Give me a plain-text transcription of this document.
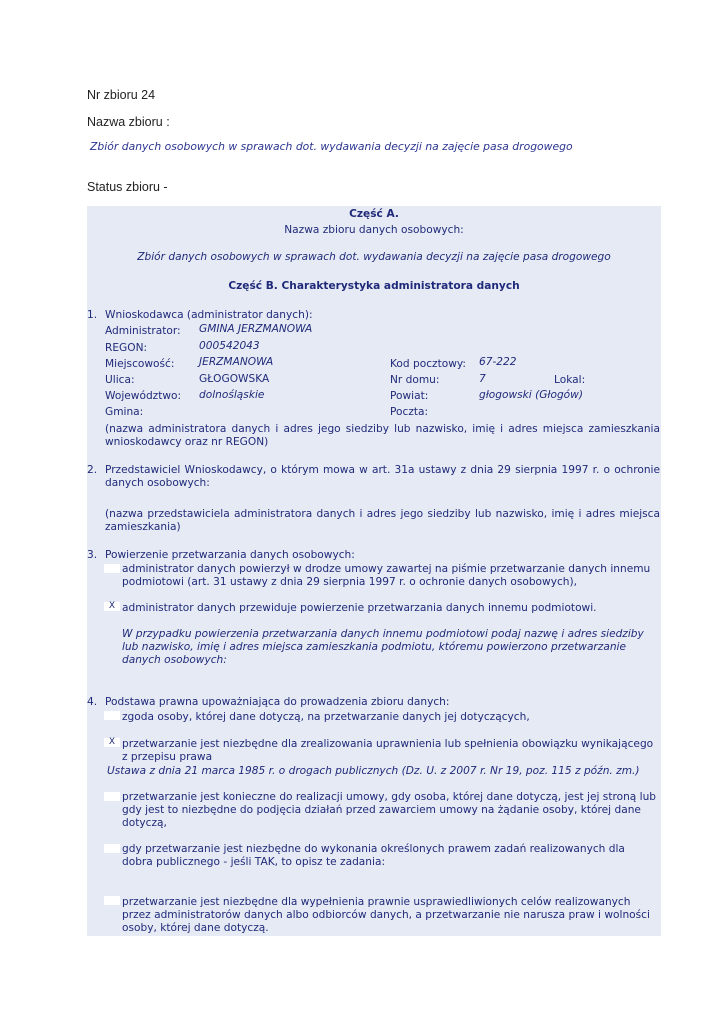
Nr zbioru 24
Nazwa zbioru :
Zbiór danych osobowych w sprawach dot. wydawania decyzji na zajęcie pasa drogowego
Status zbioru -
Część A.
Nazwa zbioru danych osobowych:
Zbiór danych osobowych w sprawach dot. wydawania decyzji na zajęcie pasa drogowego
Część B. Charakterystyka administratora danych
1. Wnioskodawca (administrator danych):
Administrator: GMINA JERZMANOWA
REGON:	000542043
Miejscowość: JERZMANOWA	Kod pocztowy: 67-222
Ulica:	GŁOGOWSKA	Nr domu:	7	Lokal:
Województwo: dolnośląskie	Powiat:	głogowski (Głogów)
Gmina:	Poczta:
(nazwa administratora danych i adres jego siedziby lub nazwisko, imię i adres miejsca zamieszkania wnioskodawcy oraz nr REGON)
2. Przedstawiciel Wnioskodawcy, o którym mowa w art. 31a ustawy z dnia 29 sierpnia 1997 r. o ochronie danych osobowych:
(nazwa przedstawiciela administratora danych i adres jego siedziby lub nazwisko, imię i adres miejsca zamieszkania)
3. Powierzenie przetwarzania danych osobowych:
administrator danych powierzył w drodze umowy zawartej na piśmie przetwarzanie danych innemu podmiotowi (art. 31 ustawy z dnia 29 sierpnia 1997 r. o ochronie danych osobowych),
X administrator danych przewiduje powierzenie przetwarzania danych innemu podmiotowi.
W przypadku powierzenia przetwarzania danych innemu podmiotowi podaj nazwę i adres siedziby lub nazwisko, imię i adres miejsca zamieszkania podmiotu, któremu powierzono przetwarzanie danych osobowych:
4. Podstawa prawna upoważniająca do prowadzenia zbioru danych:
zgoda osoby, której dane dotyczą, na przetwarzanie danych jej dotyczących,
X przetwarzanie jest niezbędne dla zrealizowania uprawnienia lub spełnienia obowiązku wynikającego z przepisu prawa
Ustawa z dnia 21 marca 1985 r. o drogach publicznych (Dz. U. z 2007 r. Nr 19, poz. 115 z późn. zm.)
przetwarzanie jest konieczne do realizacji umowy, gdy osoba, której dane dotyczą, jest jej stroną lub gdy jest to niezbędne do podjęcia działań przed zawarciem umowy na żądanie osoby, której dane dotyczą,
gdy przetwarzanie jest niezbędne do wykonania określonych prawem zadań realizowanych dla dobra publicznego - jeśli TAK, to opisz te zadania:
przetwarzanie jest niezbędne dla wypełnienia prawnie usprawiedliwionych celów realizowanych przez administratorów danych albo odbiorców danych, a przetwarzanie nie narusza praw i wolności osoby, której dane dotyczą.
